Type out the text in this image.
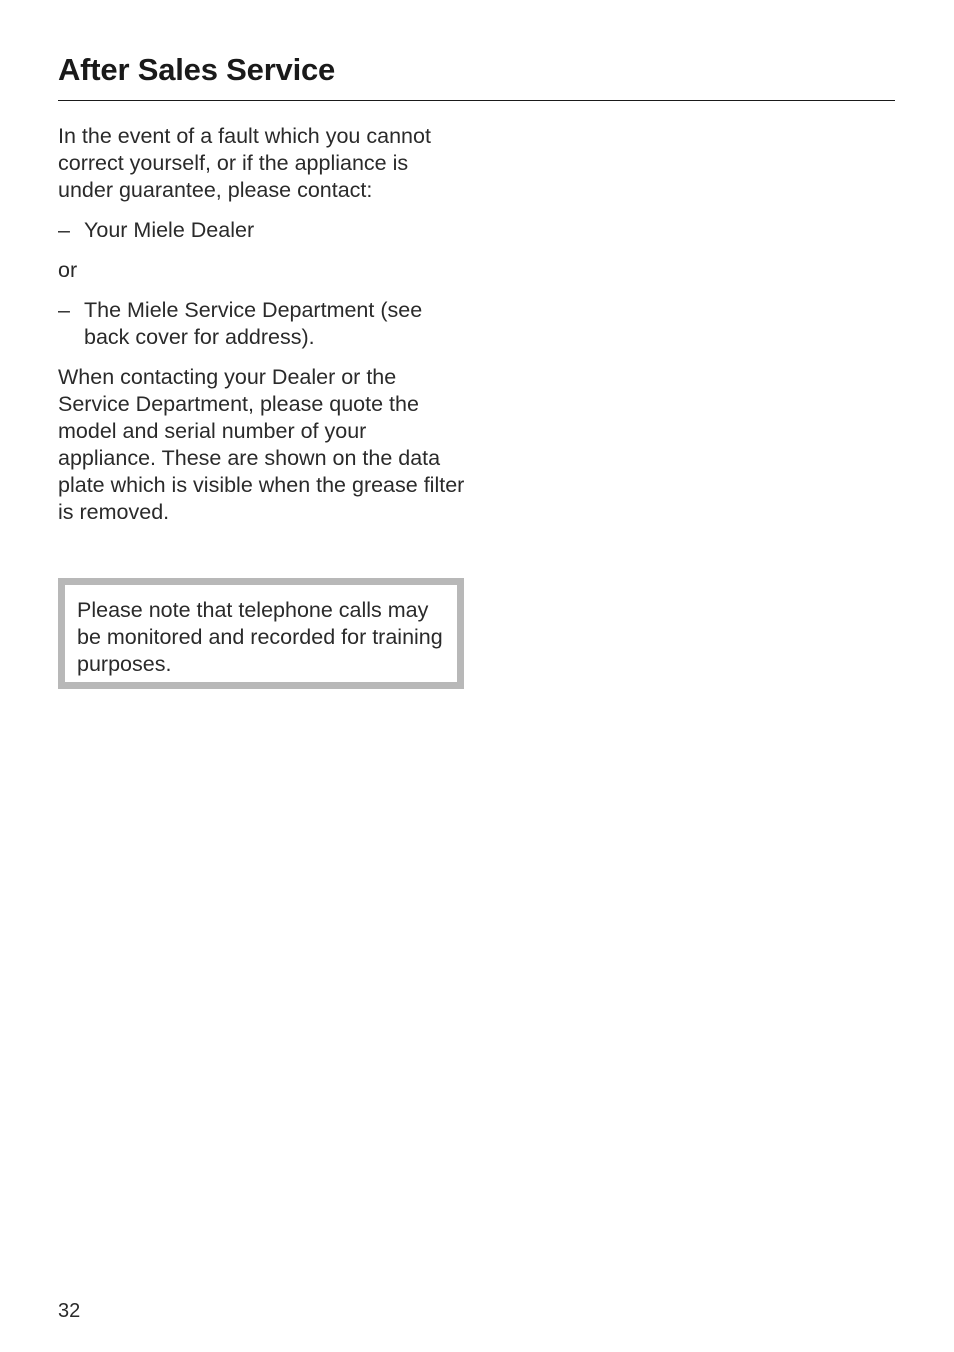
After Sales Service

In the event of a fault which you cannot correct yourself, or if the appliance is under guarantee, please contact:

– Your Miele Dealer

or

– The Miele Service Department (see back cover for address).

When contacting your Dealer or the Service Department, please quote the model and serial number of your appliance. These are shown on the data plate which is visible when the grease filter is removed.

Please note that telephone calls may be monitored and recorded for training purposes.

32
